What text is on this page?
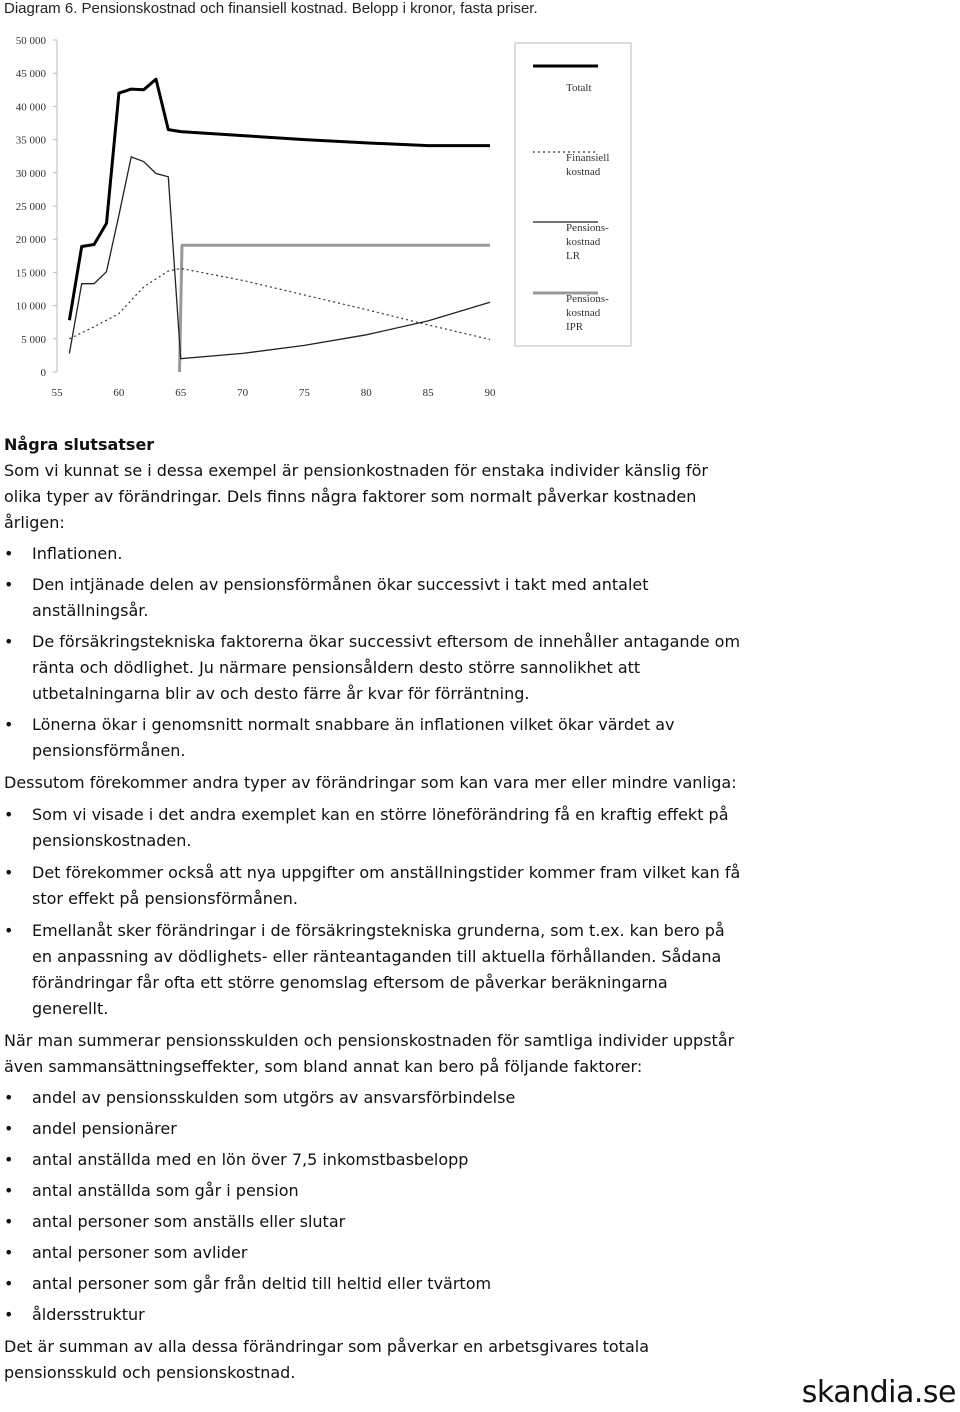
Diagram 6. Pensionskostnad och finansiell kostnad. Belopp i kronor, fasta priser.
0
5 000
10 000
15 000
20 000
25 000
30 000
35 000
40 000
45 000
50 000
55	60	65	70	75	80	85	90
Totalt
Finansiell
kostnad
Pensions-
kostnad
LR
Pensions-
kostnad
IPR
Några slutsatser

Som vi kunnat se i dessa exempel är pensionkostnaden för enstaka individer känslig för olika typer av förändringar. Dels finns några faktorer som normalt påverkar kostnaden årligen:

• Inflationen.
• Den intjänade delen av pensionsförmånen ökar successivt i takt med antalet anställningsår.
• De försäkringstekniska faktorerna ökar successivt eftersom de innehåller antagande om ränta och dödlighet. Ju närmare pensionsåldern desto större sannolikhet att utbetalningarna blir av och desto färre år kvar för förräntning.
• Lönerna ökar i genomsnitt normalt snabbare än inflationen vilket ökar värdet av pensionsförmånen.

Dessutom förekommer andra typer av förändringar som kan vara mer eller mindre vanliga:

• Som vi visade i det andra exemplet kan en större löneförändring få en kraftig effekt på pensionskostnaden.
• Det förekommer också att nya uppgifter om anställningstider kommer fram vilket kan få stor effekt på pensionsförmånen.
• Emellanåt sker förändringar i de försäkringstekniska grunderna, som t.ex. kan bero på en anpassning av dödlighets- eller ränteantaganden till aktuella förhållanden. Sådana förändringar får ofta ett större genomslag eftersom de påverkar beräkningarna generellt.

När man summerar pensionsskulden och pensionskostnaden för samtliga individer uppstår även sammansättningseffekter, som bland annat kan bero på följande faktorer:

• andel av pensionsskulden som utgörs av ansvarsförbindelse
• andel pensionärer
• antal anställda med en lön över 7,5 inkomstbasbelopp
• antal anställda som går i pension
• antal personer som anställs eller slutar
• antal personer som avlider
• antal personer som går från deltid till heltid eller tvärtom
• åldersstruktur

Det är summan av alla dessa förändringar som påverkar en arbetsgivares totala pensionsskuld och pensionskostnad.

skandia.se
